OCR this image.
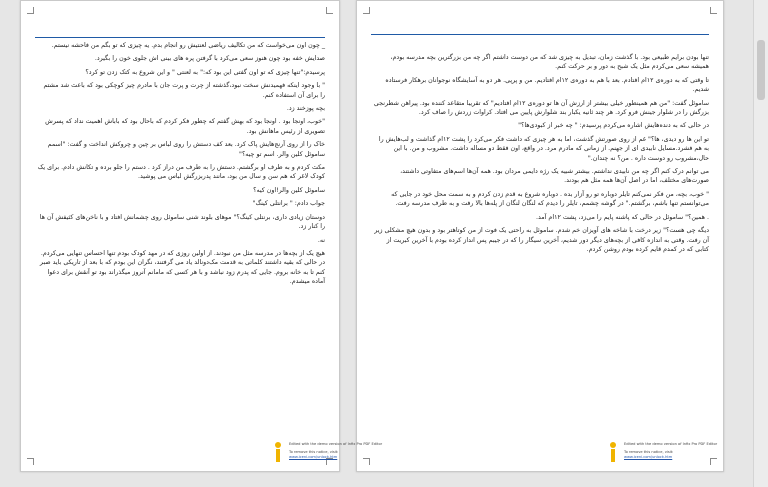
_ چون اون می‌خواست که من تکالیف ریاضی لعنتیش رو انجام بدم. یه چیزی که تو بگم من فاحشه نیستم.

صدایش خفه بود چون هنوز سعی می‌کرد با گرفتن پره های بینی اش جلوی خون را بگیرد.

پرسیدم:"تنها چیزی که تو اون گفتی این بود که:" به لعنتی " و این شروع به کتک زدن تو کرد؟

" با وجود اینکه فهمیدنش سخت نبود،گذشته از چرت و پرت جان با مادرم چیز کوچکی بود که باعث شد مشتم را برای آن استفاده کنم.

بچه پوزخند زد.

"خوب، اونجا بود . اونجا بود که بهش گفتم که چطور فکر کردم که باحال بود که باباش اهمیت نداد که پسرش تصویری از رئیس ماهانش بود.

خاک را از روی آرنج‌هایش پاک کرد. بعد کف دستش را روی لباس بر چین و چروکش انداخت و گفت: "اسمم ساموئل کلین والر. اسم تو چیه؟"

مکث کردم و به طرف او برگشتم. دستش را به طرف من دراز کرد . دستم را جلو برده و تکانش دادم. برای یک کودک لاغر که هم سن و سال من بود، مانند پدربزرگش لباس می پوشید.

ساموئل کلین والر!اون کیه؟

جواب دادم: " برانتلی کینگ"

دوستان زیادی داری، برنتلی کینگ؟" موهای بلوند شنی ساموئل روی چشمانش افتاد و با ناخن‌های کثیفش آن ها را کنار زد.

نه.

هیچ یک از بچه‌ها در مدرسه مثل من نبودند. از اولین روزی که در مهد کودک بودم تنها احساس تنهایی می‌کردم. در حالی که بقیه داشتند کلماتی به قدمت مک‌دونالد یاد می گرفتند، نگران این بودم که با بعد از تاریکی باید صبر کنم تا به خانه بروم. جایی که پدرم زود نباشد و با هر کسی که مامانم آنروز میگذراند بود تو آنقش برای دعوا آماده میشدم.

تنها بودن برایم طبیعی بود. با گذشت زمان، تبدیل به چیزی شد که من دوست داشتم اگر چه من بزرگترین بچه مدرسه بودم، همیشه سعی می‌کردم مثل یک شبح به دور و بر حرکت کنم.

تا وقتی که به دوره‌ی ۱۲ام افتادم. بعد با هم به دوره‌ی ۱۲ام افتادیم. من و پرپی. هر دو به آسایشگاه نوجوانان برهکار فرستاده شدیم.

ساموئل گفت: "من هم همینطور خیلی بیشتر از ارزش آن ها تو دوره‌ی ۱۲ام افتادیم" که تقریبا متقاعد کننده بود. پیراهن شطرنجی بزرگش را در شلوار جینش فرو کرد. هر چند ثانیه یکبار بند شلوارش پایین می افتاد. کراوات زردش را صاف کرد.

در حالی که به دنده‌هایش اشاره می‌کردم پرسیدم: " چه خبر از کبودی‌ها؟"

تو این ها رو دیدی، ها؟" غم از روی صورتش گذشت، اما به هر چیزی که داشت فکر می‌کرد را پشت ۱۲ام گذاشت و لب‌هایش را به هم فشرد.مسایل نابیدی ای از جهنم. از زمانی که مادرم مرد. در واقع، اون فقط دو مساله داشت. مشروب و من. با این حال،مشروب رو دوست داره . من؟ نه چندان."

می توانم درک کنم اگر چه من نابیدی نداشتم. بیشتر شبیه یک رژه دایمی مردان بود. همه آن‌ها اسم‌های متفاوتی داشتند، صورت‌های مختلف، اما در اصل آن‌ها همه مثل هم بودند.

" خوب، بچه، من فکر نمی‌کنم تایلر دوباره تو رو آزار بده . دوباره شروع به قدم زدن کردم و به سمت محل خود در جایی که می‌توانستم تنها باشم، برگشتم." در گوشه چشمم، تایلر را دیدم که لنگان لنگان از پله‌ها بالا رفت و به طرف مدرسه رفت.

. همین؟" ساموئل در حالی که پاشنه پایم را می‌زد، پشت ۱۲ام آمد.

دیگه چی هست؟" زیر درخت با شاخه های آویزان خم شدم. ساموئل به راحتی یک فوت از من کوتاهتر بود و بدون هیچ مشکلی زیر آن رفت. وقتی به اندازه کافی از بچه‌های دیگر دور شدیم، آخرین سیگار را که در جیبم پس انداز کرده بودم با آخرین کبریت از کتابی که در کمدم قایم کرده بودم روشن کردم.

Edited with the demo version of Infix Pro PDF Editor
To remove this notice, visit:
www.iceni.com/unlock.htm
Edited with the demo version of Infix Pro PDF Editor
To remove this notice, visit:
www.iceni.com/unlock.htm
